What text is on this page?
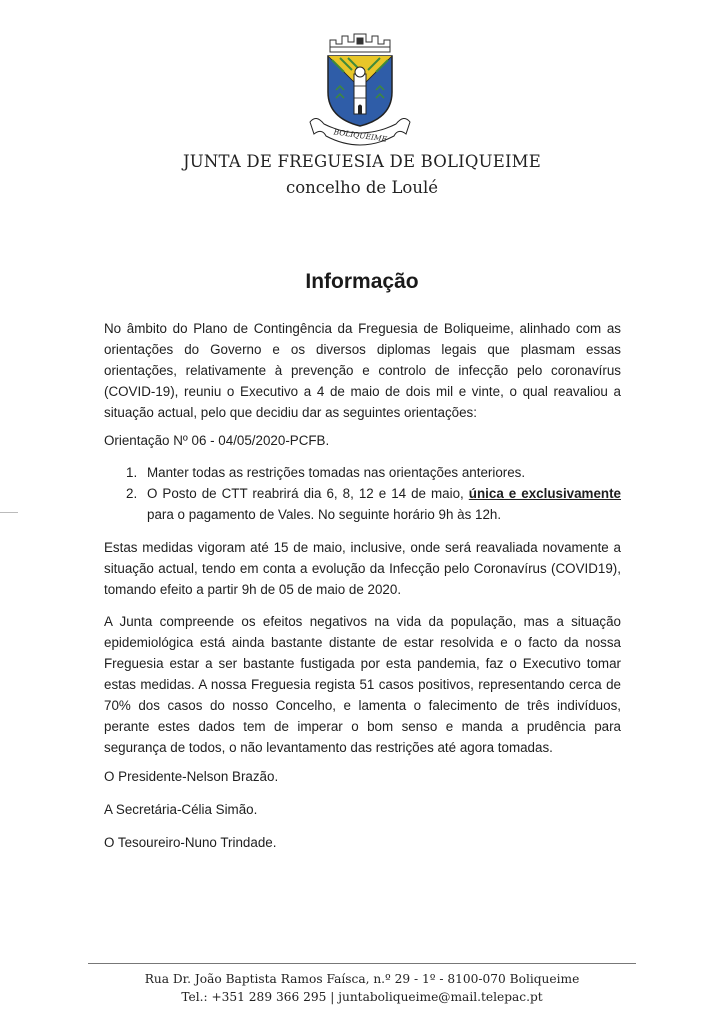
BOLIQUEIME
JUNTA DE FREGUESIA DE BOLIQUEIME
concelho de Loulé
Informação

No âmbito do Plano de Contingência da Freguesia de Boliqueime, alinhado com as orientações do Governo e os diversos diplomas legais que plasmam essas orientações, relativamente à prevenção e controlo de infecção pelo coronavírus (COVID-19), reuniu o Executivo a 4 de maio de dois mil e vinte, o qual reavaliou a situação actual, pelo que decidiu dar as seguintes orientações:

Orientação Nº 06 - 04/05/2020-PCFB.

1. Manter todas as restrições tomadas nas orientações anteriores.
2. O Posto de CTT reabrirá dia 6, 8, 12 e 14 de maio, única e exclusivamente para o pagamento de Vales. No seguinte horário 9h às 12h.

Estas medidas vigoram até 15 de maio, inclusive, onde será reavaliada novamente a situação actual, tendo em conta a evolução da Infecção pelo Coronavírus (COVID19), tomando efeito a partir 9h de 05 de maio de 2020.

A Junta compreende os efeitos negativos na vida da população, mas a situação epidemiológica está ainda bastante distante de estar resolvida e o facto da nossa Freguesia estar a ser bastante fustigada por esta pandemia, faz o Executivo tomar estas medidas. A nossa Freguesia regista 51 casos positivos, representando cerca de 70% dos casos do nosso Concelho, e lamenta o falecimento de três indivíduos, perante estes dados tem de imperar o bom senso e manda a prudência para segurança de todos, o não levantamento das restrições até agora tomadas.

O Presidente-Nelson Brazão.

A Secretária-Célia Simão.

O Tesoureiro-Nuno Trindade.

Rua Dr. João Baptista Ramos Faísca, n.º 29 - 1º - 8100-070 Boliqueime
Tel.: +351 289 366 295 | juntaboliqueime@mail.telepac.pt
